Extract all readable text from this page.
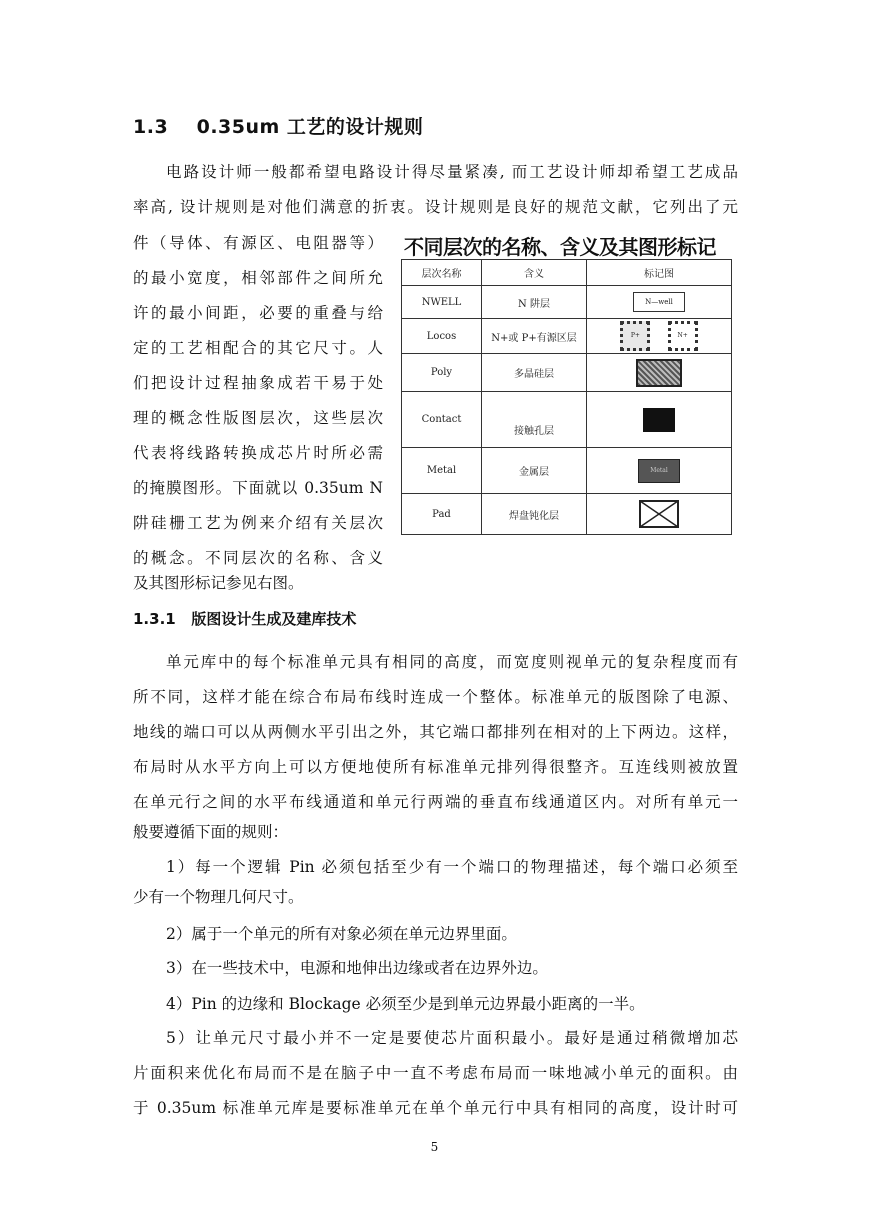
1.3    0.35um 工艺的设计规则
电路设计师一般都希望电路设计得尽量紧凑, 而工艺设计师却希望工艺成品
率高, 设计规则是对他们满意的折衷。设计规则是良好的规范文献，它列出了元
件（导体、有源区、电阻器等）
的最小宽度，相邻部件之间所允
许的最小间距，必要的重叠与给
定的工艺相配合的其它尺寸。人
们把设计过程抽象成若干易于处
理的概念性版图层次，这些层次
代表将线路转换成芯片时所必需
的掩膜图形。下面就以 0.35um N
阱硅栅工艺为例来介绍有关层次
的概念。不同层次的名称、含义
及其图形标记参见右图。
不同层次的名称、含义及其图形标记
层次名称	含义	标记图
NWELL	N 阱层	N—well
Locos	N+或 P+有源区层	P+ N+
Poly	多晶硅层	
Contact	接触孔层	
Metal	金属层	Metal
Pad	焊盘钝化层	
1.3.1   版图设计生成及建库技术
单元库中的每个标准单元具有相同的高度，而宽度则视单元的复杂程度而有
所不同，这样才能在综合布局布线时连成一个整体。标准单元的版图除了电源、
地线的端口可以从两侧水平引出之外，其它端口都排列在相对的上下两边。这样，
布局时从水平方向上可以方便地使所有标准单元排列得很整齐。互连线则被放置
在单元行之间的水平布线通道和单元行两端的垂直布线通道区内。对所有单元一
般要遵循下面的规则：
1）每一个逻辑 Pin 必须包括至少有一个端口的物理描述，每个端口必须至
少有一个物理几何尺寸。
2）属于一个单元的所有对象必须在单元边界里面。
3）在一些技术中，电源和地伸出边缘或者在边界外边。
4）Pin 的边缘和 Blockage 必须至少是到单元边界最小距离的一半。
5）让单元尺寸最小并不一定是要使芯片面积最小。最好是通过稍微增加芯
片面积来优化布局而不是在脑子中一直不考虑布局而一味地减小单元的面积。由
于 0.35um 标准单元库是要标准单元在单个单元行中具有相同的高度，设计时可
5
